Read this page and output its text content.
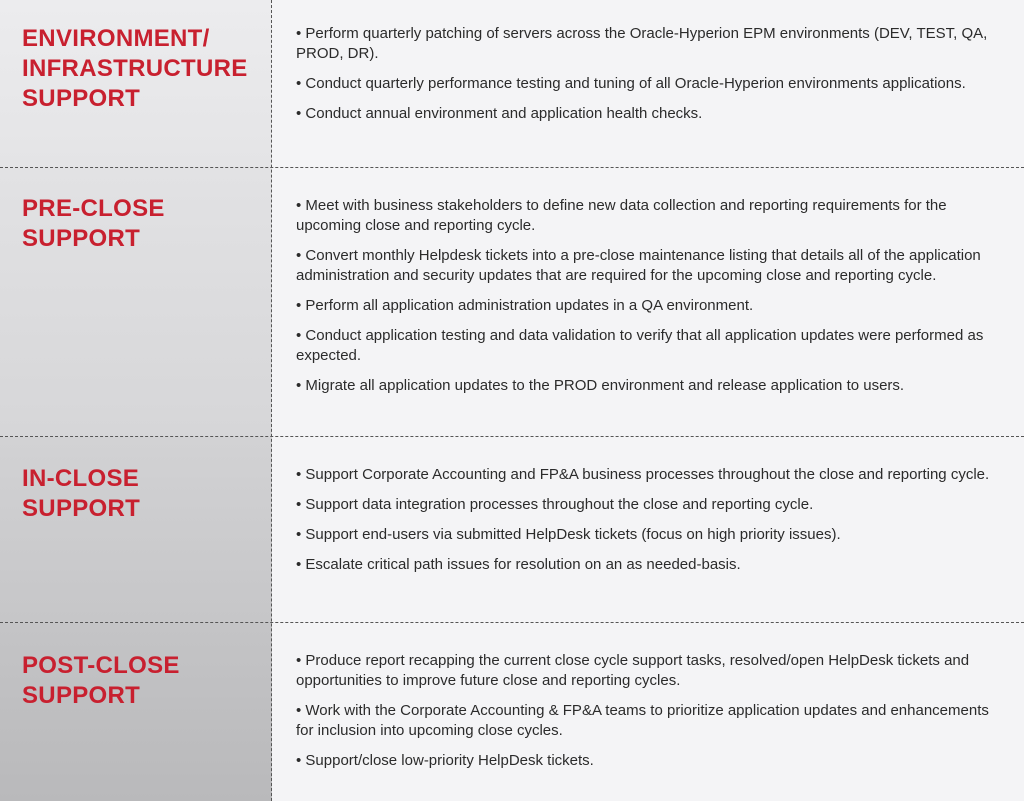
ENVIRONMENT/
INFRASTRUCTURE
SUPPORT
• Perform quarterly patching of servers across the Oracle-Hyperion EPM environments (DEV, TEST, QA, PROD, DR).
• Conduct quarterly performance testing and tuning of all Oracle-Hyperion environments applications.
• Conduct annual environment and application health checks.
PRE-CLOSE
SUPPORT
• Meet with business stakeholders to define new data collection and reporting requirements for the upcoming close and reporting cycle.
• Convert monthly Helpdesk tickets into a pre-close maintenance listing that details all of the application administration and security updates that are required for the upcoming close and reporting cycle.
• Perform all application administration updates in a QA environment.
• Conduct application testing and data validation to verify that all application updates were performed as expected.
• Migrate all application updates to the PROD environment and release application to users.
IN-CLOSE
SUPPORT
• Support Corporate Accounting and FP&A business processes throughout the close and reporting cycle.
• Support data integration processes throughout the close and reporting cycle.
• Support end-users via submitted HelpDesk tickets (focus on high priority issues).
• Escalate critical path issues for resolution on an as needed-basis.
POST-CLOSE
SUPPORT
• Produce report recapping the current close cycle support tasks, resolved/open HelpDesk tickets and opportunities to improve future close and reporting cycles.
• Work with the Corporate Accounting & FP&A teams to prioritize application updates and enhancements for inclusion into upcoming close cycles.
• Support/close low-priority HelpDesk tickets.
